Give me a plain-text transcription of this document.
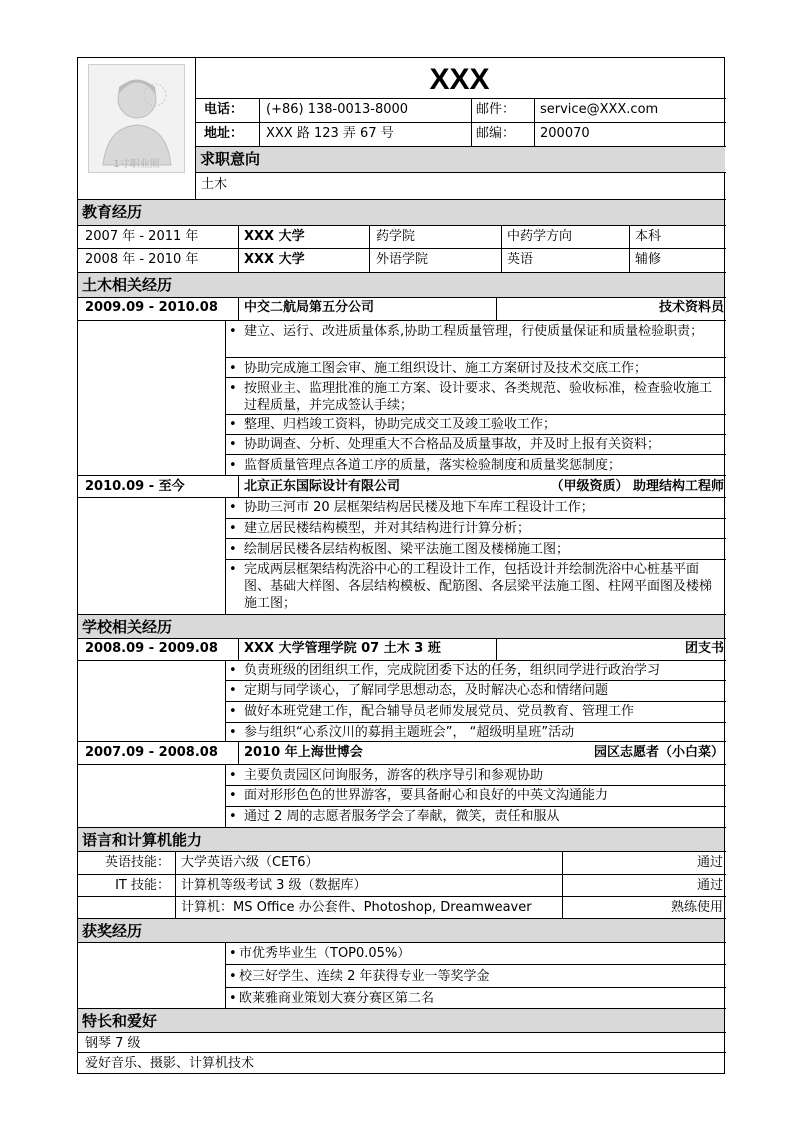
1寸职业照
XXX
电话：	(+86) 138-0013-8000	邮件：	service@XXX.com
地址：	XXX 路 123 弄 67 号	邮编：	200070
求职意向
土木
教育经历
2007 年 - 2011 年	XXX 大学	药学院	中药学方向	本科
2008 年 - 2010 年	XXX 大学	外语学院	英语	辅修
土木相关经历
2009.09 - 2010.08	中交二航局第五分公司	技术资料员
• 建立、运行、改进质量体系,协助工程质量管理，行使质量保证和质量检验职责；
• 协助完成施工图会审、施工组织设计、施工方案研讨及技术交底工作；
• 按照业主、监理批准的施工方案、设计要求、各类规范、验收标准，检查验收施工过程质量，并完成签认手续；
• 整理、归档竣工资料，协助完成交工及竣工验收工作；
• 协助调查、分析、处理重大不合格品及质量事故，并及时上报有关资料；
• 监督质量管理点各道工序的质量，落实检验制度和质量奖惩制度；
2010.09 - 至今	北京正东国际设计有限公司	（甲级资质） 助理结构工程师
• 协助三河市 20 层框架结构居民楼及地下车库工程设计工作；
• 建立居民楼结构模型，并对其结构进行计算分析；
• 绘制居民楼各层结构板图、梁平法施工图及楼梯施工图；
• 完成两层框架结构洗浴中心的工程设计工作，包括设计并绘制洗浴中心桩基平面图、基础大样图、各层结构模板、配筋图、各层梁平法施工图、柱网平面图及楼梯施工图；
学校相关经历
2008.09 - 2009.08	XXX 大学管理学院 07 土木 3 班	团支书
• 负责班级的团组织工作，完成院团委下达的任务，组织同学进行政治学习
• 定期与同学谈心，了解同学思想动态，及时解决心态和情绪问题
• 做好本班党建工作，配合辅导员老师发展党员、党员教育、管理工作
• 参与组织“心系汶川的募捐主题班会”， “超级明星班”活动
2007.09 - 2008.08	2010 年上海世博会	园区志愿者（小白菜）
• 主要负责园区问询服务，游客的秩序导引和参观协助
• 面对形形色色的世界游客，要具备耐心和良好的中英文沟通能力
• 通过 2 周的志愿者服务学会了奉献，微笑，责任和服从
语言和计算机能力
英语技能： 大学英语六级（CET6）	通过
IT 技能： 计算机等级考试 3 级（数据库）	通过
计算机：MS Office 办公套件、Photoshop, Dreamweaver	熟练使用
获奖经历
• 市优秀毕业生（TOP0.05%）
• 校三好学生、连续 2 年获得专业一等奖学金
• 欧莱雅商业策划大赛分赛区第二名
特长和爱好
钢琴 7 级
爱好音乐、摄影、计算机技术
